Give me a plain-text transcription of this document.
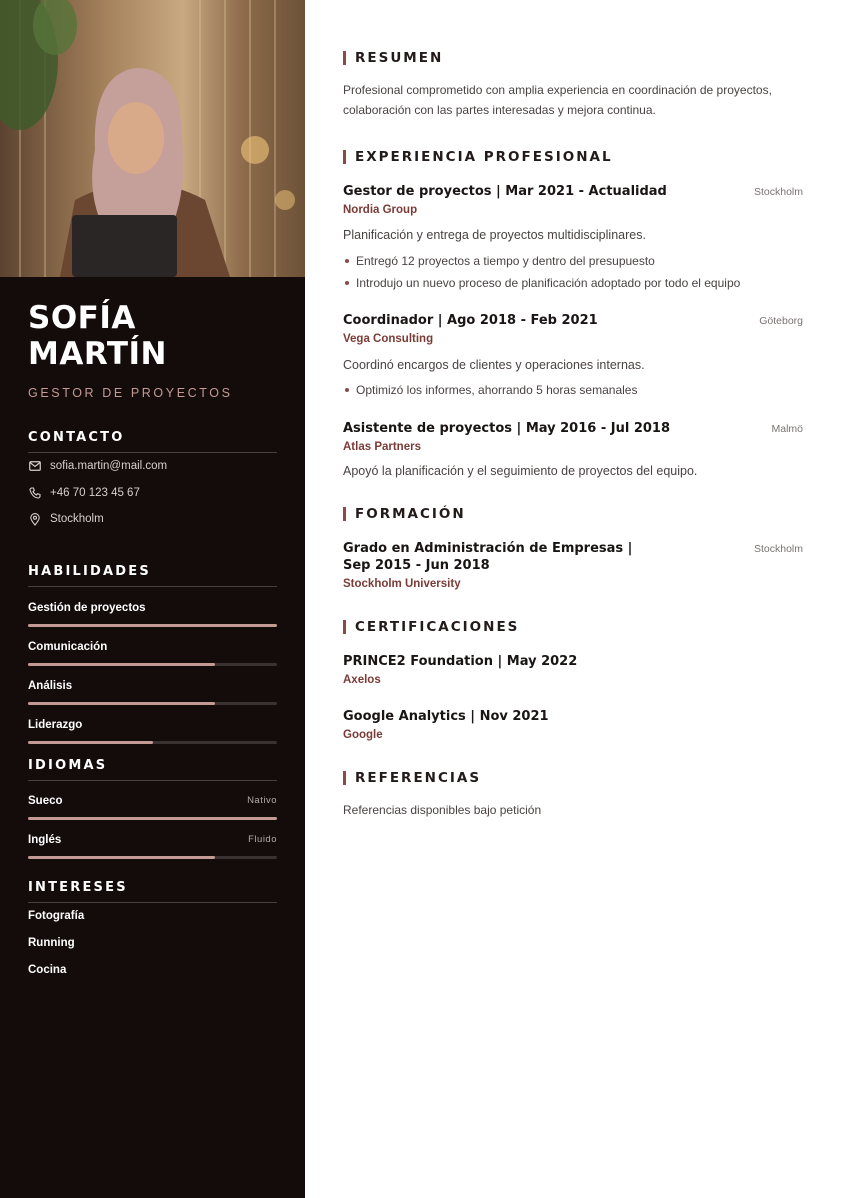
SOFÍA
MARTÍN
GESTOR DE PROYECTOS
CONTACTO
sofia.martin@mail.com
+46 70 123 45 67
Stockholm
HABILIDADES
Gestión de proyectos
Comunicación
Análisis
Liderazgo
IDIOMAS
Sueco	Nativo
Inglés	Fluido
INTERESES
Fotografía
Running
Cocina
RESUMEN
Profesional comprometido con amplia experiencia en coordinación de proyectos, colaboración con las partes interesadas y mejora continua.
EXPERIENCIA PROFESIONAL
Gestor de proyectos | Mar 2021 - Actualidad	Stockholm
Nordia Group
Planificación y entrega de proyectos multidisciplinares.
Entregó 12 proyectos a tiempo y dentro del presupuesto
Introdujo un nuevo proceso de planificación adoptado por todo el equipo
Coordinador | Ago 2018 - Feb 2021	Göteborg
Vega Consulting
Coordinó encargos de clientes y operaciones internas.
Optimizó los informes, ahorrando 5 horas semanales
Asistente de proyectos | May 2016 - Jul 2018	Malmö
Atlas Partners
Apoyó la planificación y el seguimiento de proyectos del equipo.
FORMACIÓN
Grado en Administración de Empresas |
Sep 2015 - Jun 2018
Stockholm
Stockholm University
CERTIFICACIONES
PRINCE2 Foundation | May 2022
Axelos
Google Analytics | Nov 2021
Google
REFERENCIAS
Referencias disponibles bajo petición
